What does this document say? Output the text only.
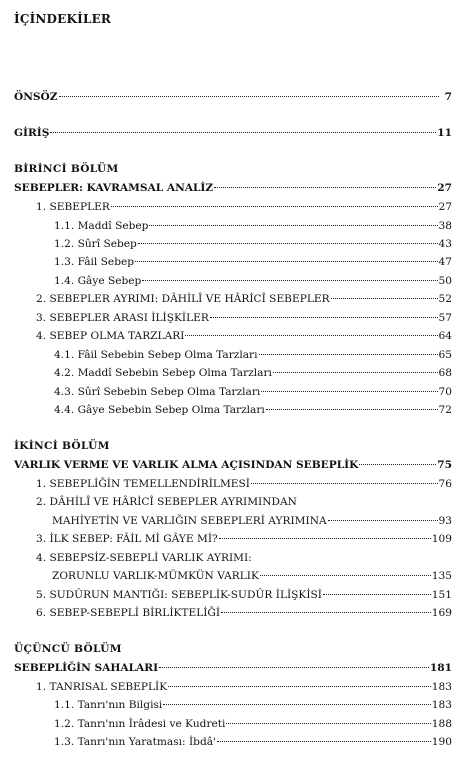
İÇİNDEKİLER
ÖNSÖZ	7
GİRİŞ	11
BİRİNCİ BÖLÜM
SEBEPLER: KAVRAMSAL ANALİZ	27
1. SEBEPLER	27
1.1. Maddî Sebep	38
1.2. Sûrî Sebep	43
1.3. Fâil Sebep	47
1.4. Gâye Sebep	50
2. SEBEPLER AYRIMI: DÂHİLÎ VE HÂRİCÎ SEBEPLER	52
3. SEBEPLER ARASI İLİŞKİLER	57
4. SEBEP OLMA TARZLARI	64
4.1. Fâil Sebebin Sebep Olma Tarzları	65
4.2. Maddî Sebebin Sebep Olma Tarzları	68
4.3. Sûrî Sebebin Sebep Olma Tarzları	70
4.4. Gâye Sebebin Sebep Olma Tarzları	72
İKİNCİ BÖLÜM
VARLIK VERME VE VARLIK ALMA AÇISINDAN SEBEPLİK	75
1. SEBEPLİĞİN TEMELLENDİRİLMESİ	76
2. DÂHİLÎ VE HÂRİCÎ SEBEPLER AYRIMINDAN
MAHİYETİN VE VARLIĞIN SEBEPLERİ AYRIMINA	93
3. İLK SEBEP: FÂİL Mİ GÂYE Mİ?	109
4. SEBEPSİZ-SEBEPLİ VARLIK AYRIMI:
ZORUNLU VARLIK-MÜMKÜN VARLIK	135
5. SUDÛRUN MANTIĞI: SEBEPLİK-SUDÛR İLİŞKİSİ	151
6. SEBEP-SEBEPLİ BİRLİKTELİĞİ	169
ÜÇÜNCÜ BÖLÜM
SEBEPLİĞİN SAHALARI	181
1. TANRISAL SEBEPLİK	183
1.1. Tanrı'nın Bilgisi	183
1.2. Tanrı'nın İrâdesi ve Kudreti	188
1.3. Tanrı'nın Yaratması: İbdâ'	190
